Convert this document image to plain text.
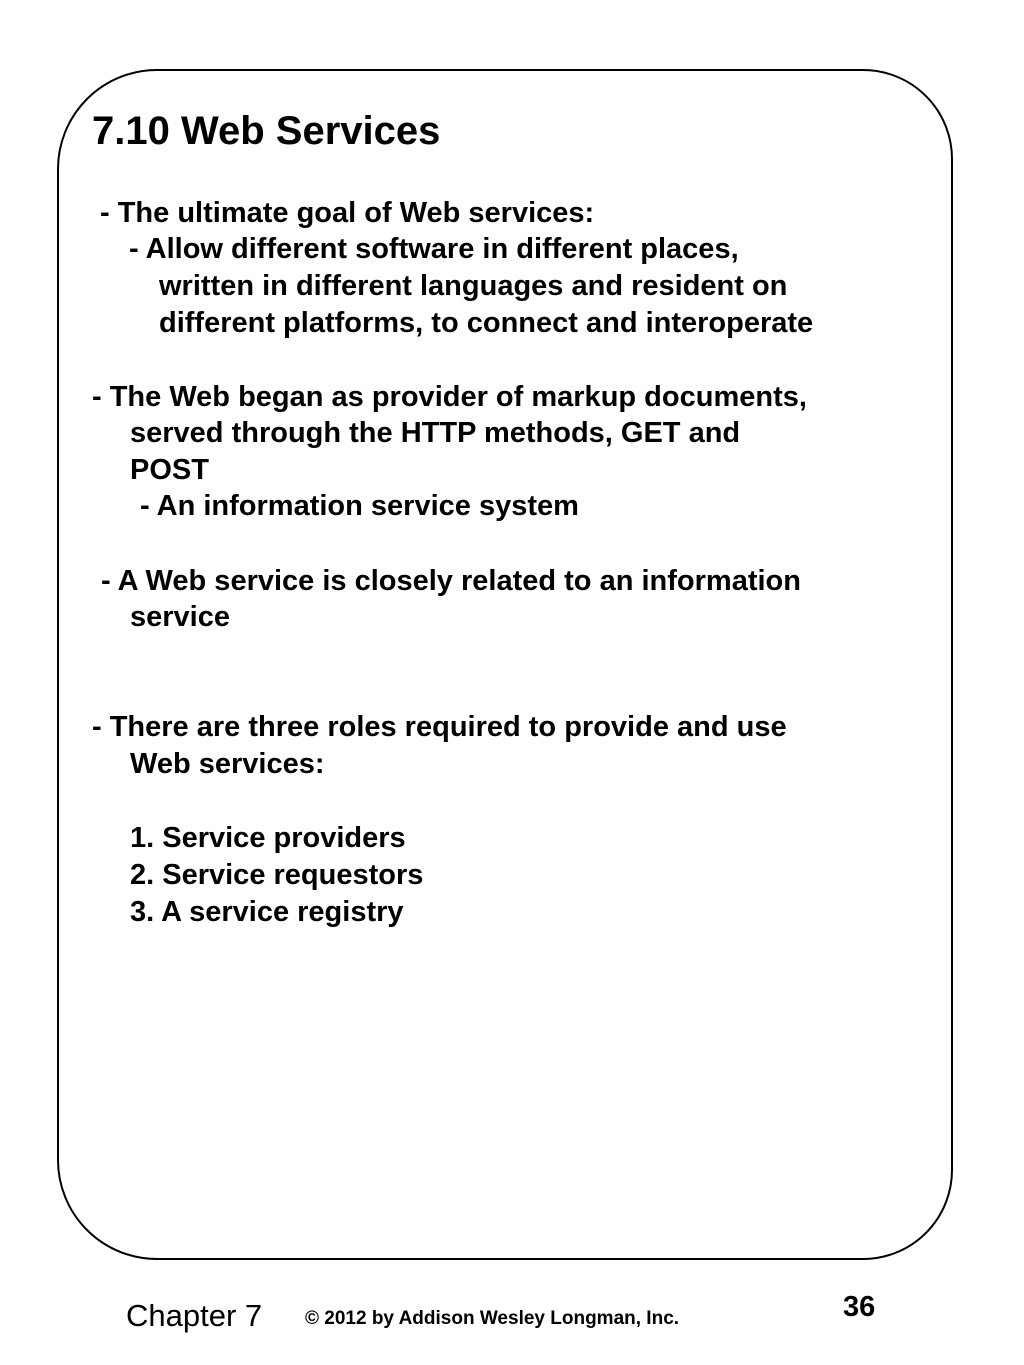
7.10 Web Services

- The ultimate goal of Web services:

- Allow different software in different places,

written in different languages and resident on

different platforms, to connect and interoperate

- The Web began as provider of markup documents,

served through the HTTP methods, GET and

POST

- An information service system

- A Web service is closely related to an information

service

- There are three roles required to provide and use

Web services:

1. Service providers

2. Service requestors

3. A service registry

Chapter 7 © 2012 by Addison Wesley Longman, Inc.	36
